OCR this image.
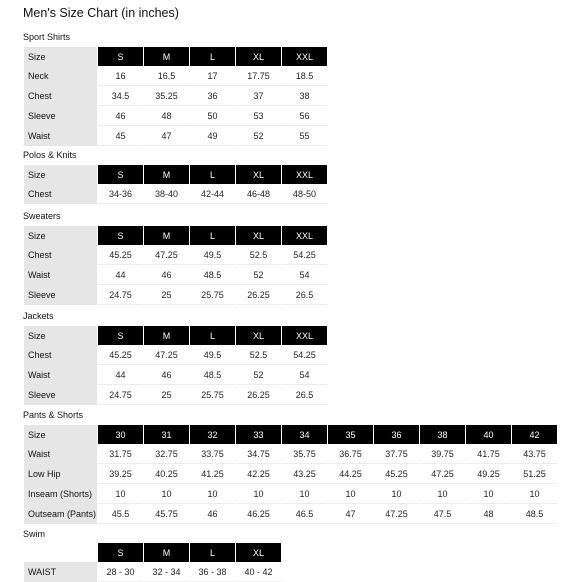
Men's Size Chart (in inches)
Sport Shirts
Size	S	M	L	XL	XXL
Neck	16	16.5	17	17.75	18.5
Chest	34.5	35.25	36	37	38
Sleeve	46	48	50	53	56
Waist	45	47	49	52	55
Polos & Knits
Size	S	M	L	XL	XXL
Chest	34-36	38-40	42-44	46-48	48-50
Sweaters
Size	S	M	L	XL	XXL
Chest	45.25	47.25	49.5	52.5	54.25
Waist	44	46	48.5	52	54
Sleeve	24.75	25	25.75	26.25	26.5
Jackets
Size	S	M	L	XL	XXL
Chest	45.25	47.25	49.5	52.5	54.25
Waist	44	46	48.5	52	54
Sleeve	24.75	25	25.75	26.25	26.5
Pants & Shorts
Size	30	31	32	33	34	35	36	38	40	42
Waist	31.75	32.75	33.75	34.75	35.75	36.75	37.75	39.75	41.75	43.75
Low Hip	39.25	40.25	41.25	42.25	43.25	44.25	45.25	47.25	49.25	51.25
Inseam (Shorts)	10	10	10	10	10	10	10	10	10	10
Outseam (Pants)	45.5	45.75	46	46.25	46.5	47	47.25	47.5	48	48.5
Swim
	S	M	L	XL
WAIST	28 - 30	32 - 34	36 - 38	40 - 42
